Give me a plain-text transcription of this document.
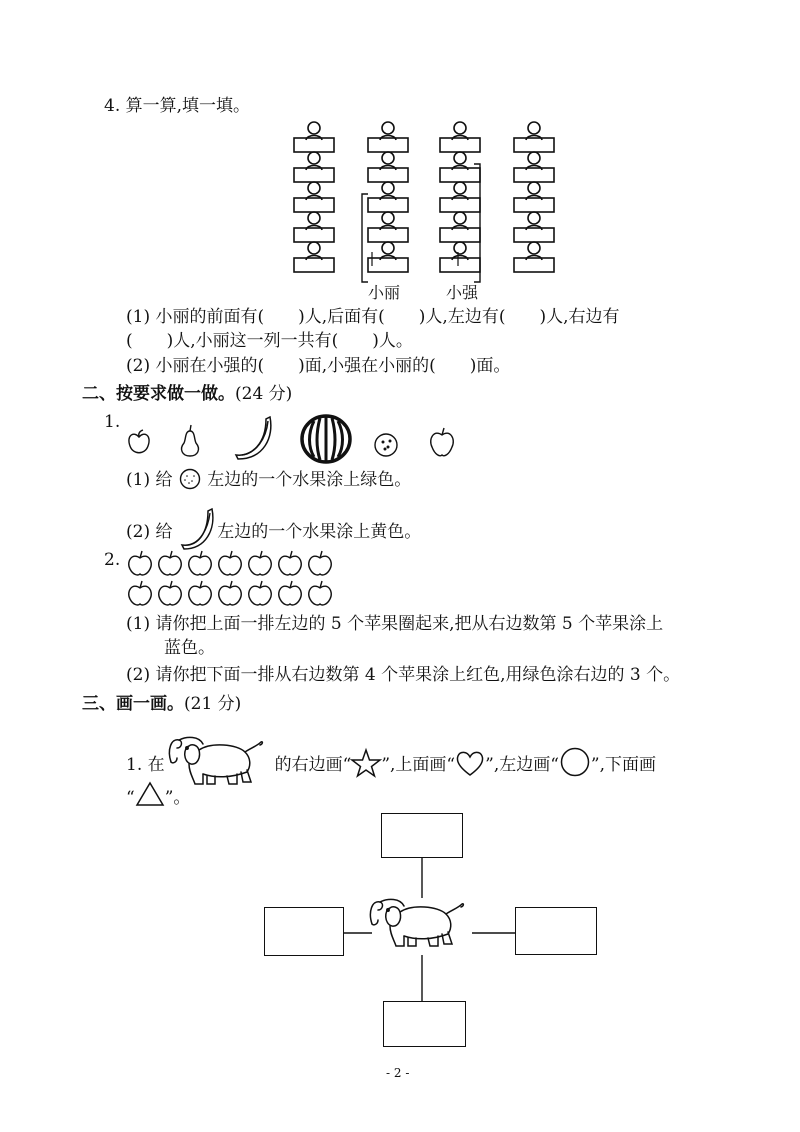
4. 算一算,填一填。
小丽	小强
(1) 小丽的前面有(　　)人,后面有(　　)人,左边有(　　)人,右边有
(　　)人,小丽这一列一共有(　　)人。
(2) 小丽在小强的(　　)面,小强在小丽的(　　)面。
二、按要求做一做。(24 分)
1.
(1) 给 左边的一个水果涂上绿色。
(2) 给	左边的一个水果涂上黄色。
2.
(1) 请你把上面一排左边的 5 个苹果圈起来,把从右边数第 5 个苹果涂上
蓝色。
(2) 请你把下面一排从右边数第 4 个苹果涂上红色,用绿色涂右边的 3 个。
三、画一画。(21 分)
1. 在	的右边画“ ”,上面画“ ”,左边画“ ”,下面画
“ ”。
- 2 -
